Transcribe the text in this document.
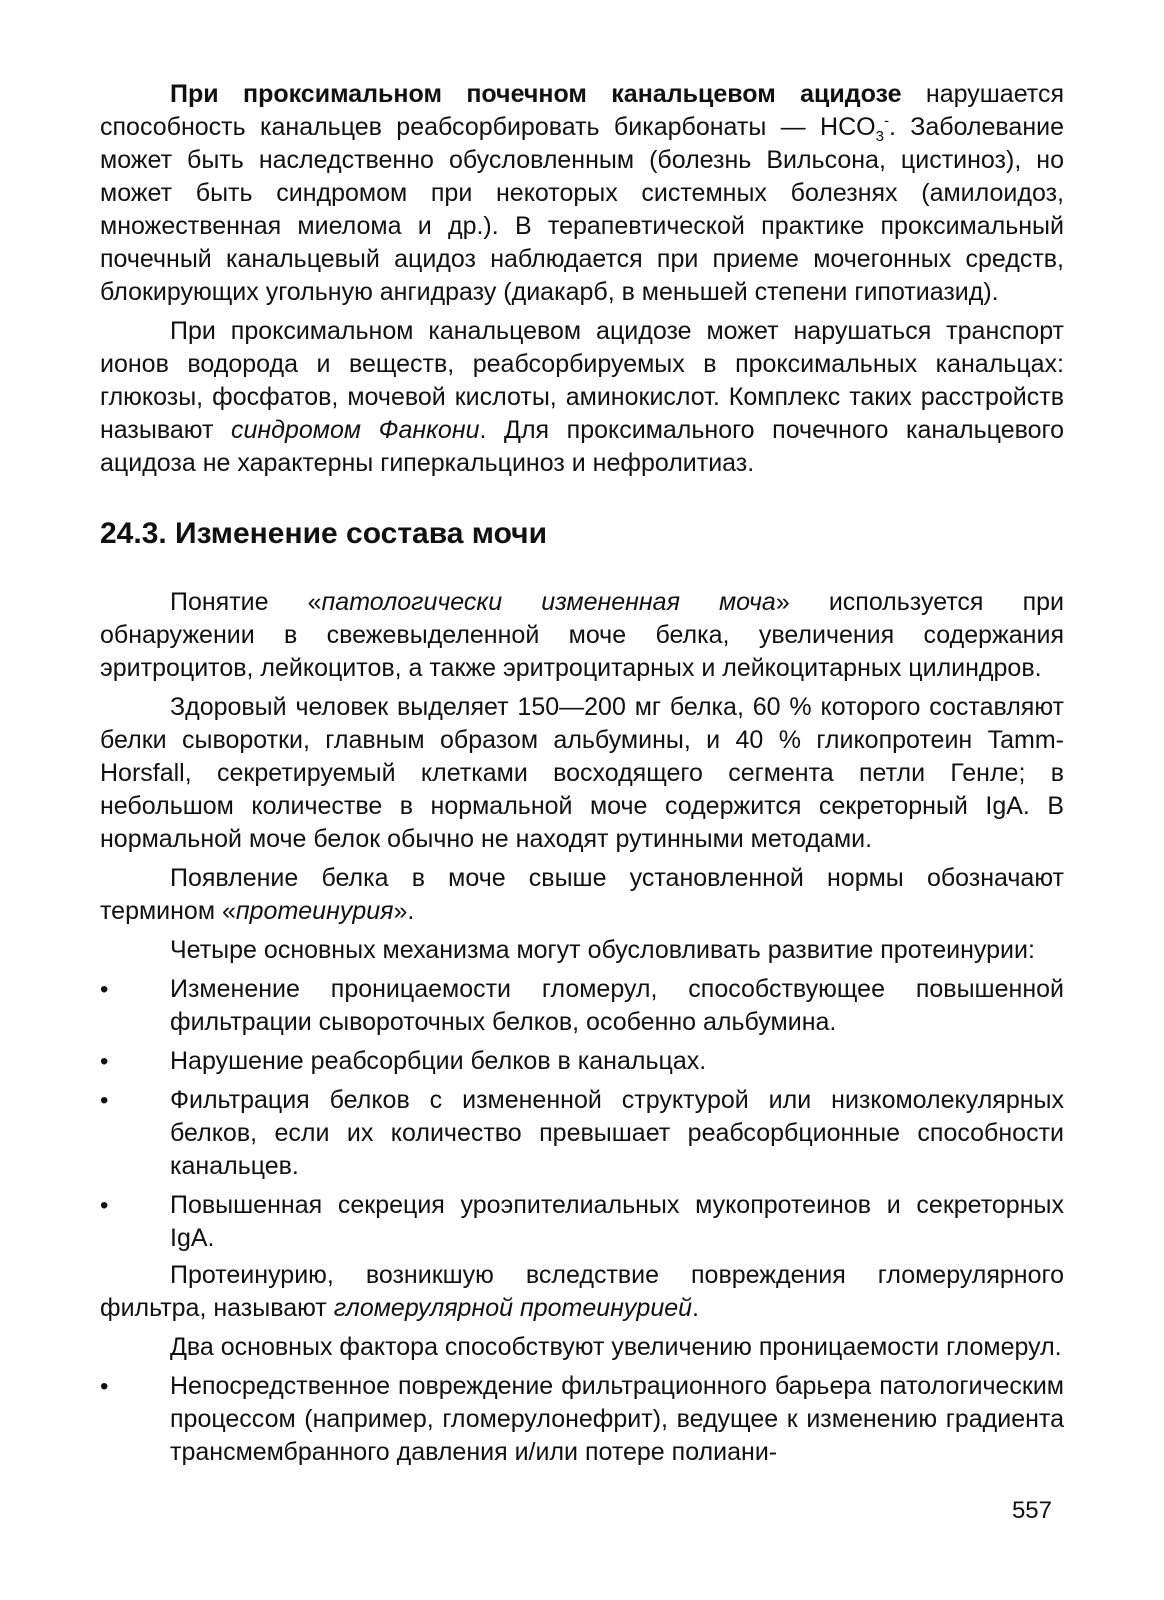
При проксимальном почечном канальцевом ацидозе нарушается способность канальцев реабсорбировать бикарбонаты — $HCO_3^-$. Заболевание может быть наследственно обусловленным (болезнь Вильсона, цистиноз), но может быть синдромом при некоторых системных болезнях (амилоидоз, множественная миелома и др.). В терапевтической практике проксимальный почечный канальцевый ацидоз наблюдается при приеме мочегонных средств, блокирующих угольную ангидразу (диакарб, в меньшей степени гипотиазид).

При проксимальном канальцевом ацидозе может нарушаться транспорт ионов водорода и веществ, реабсорбируемых в проксимальных канальцах: глюкозы, фосфатов, мочевой кислоты, аминокислот. Комплекс таких расстройств называют синдромом Фанкони. Для проксимального почечного канальцевого ацидоза не характерны гиперкальциноз и нефролитиаз.

24.3. Изменение состава мочи

Понятие «патологически измененная моча» используется при обнаружении в свежевыделенной моче белка, увеличения содержания эритроцитов, лейкоцитов, а также эритроцитарных и лейкоцитарных цилиндров.

Здоровый человек выделяет 150—200 мг белка, 60 % которого составляют белки сыворотки, главным образом альбумины, и 40 % гликопротеин Tamm-Horsfall, секретируемый клетками восходящего сегмента петли Генле; в небольшом количестве в нормальной моче содержится секреторный IgA. В нормальной моче белок обычно не находят рутинными методами.

Появление белка в моче свыше установленной нормы обозначают термином «протеинурия».

Четыре основных механизма могут обусловливать развитие протеинурии:

• Изменение проницаемости гломерул, способствующее повышенной фильтрации сывороточных белков, особенно альбумина.
• Нарушение реабсорбции белков в канальцах.
• Фильтрация белков с измененной структурой или низкомолекулярных белков, если их количество превышает реабсорбционные способности канальцев.
• Повышенная секреция уроэпителиальных мукопротеинов и секреторных IgA.

Протеинурию, возникшую вследствие повреждения гломерулярного фильтра, называют гломерулярной протеинурией.

Два основных фактора способствуют увеличению проницаемости гломерул.

• Непосредственное повреждение фильтрационного барьера патологическим процессом (например, гломерулонефрит), ведущее к изменению градиента трансмембранного давления и/или потере полиани-
557
